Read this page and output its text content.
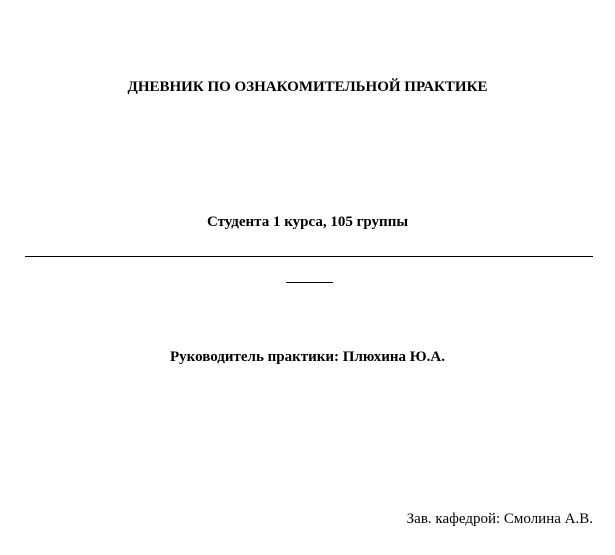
ДНЕВНИК ПО ОЗНАКОМИТЕЛЬНОЙ ПРАКТИКЕ
Студента 1 курса, 105 группы
Руководитель практики: Плюхина Ю.А.
Зав. кафедрой: Смолина А.В.
